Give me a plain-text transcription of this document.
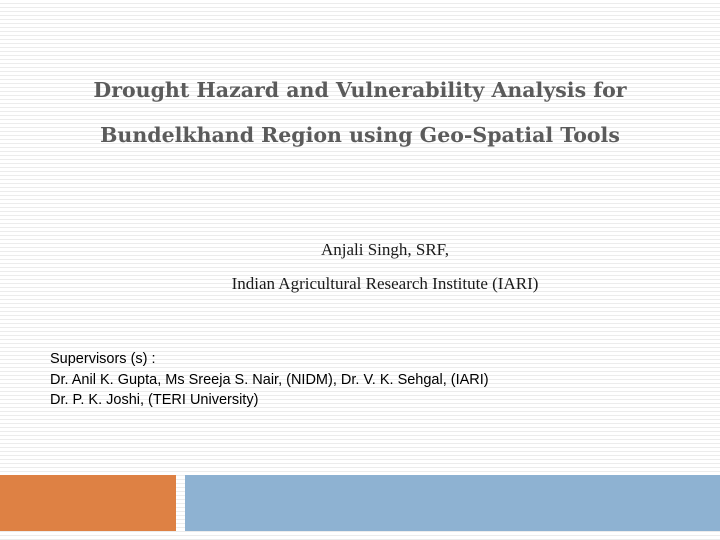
Drought Hazard and Vulnerability Analysis for
Bundelkhand Region using Geo-Spatial Tools
Anjali Singh, SRF,
Indian Agricultural Research Institute (IARI)
Supervisors (s) :
Dr. Anil K. Gupta, Ms Sreeja S. Nair, (NIDM), Dr. V. K. Sehgal, (IARI)
Dr. P. K. Joshi, (TERI University)
